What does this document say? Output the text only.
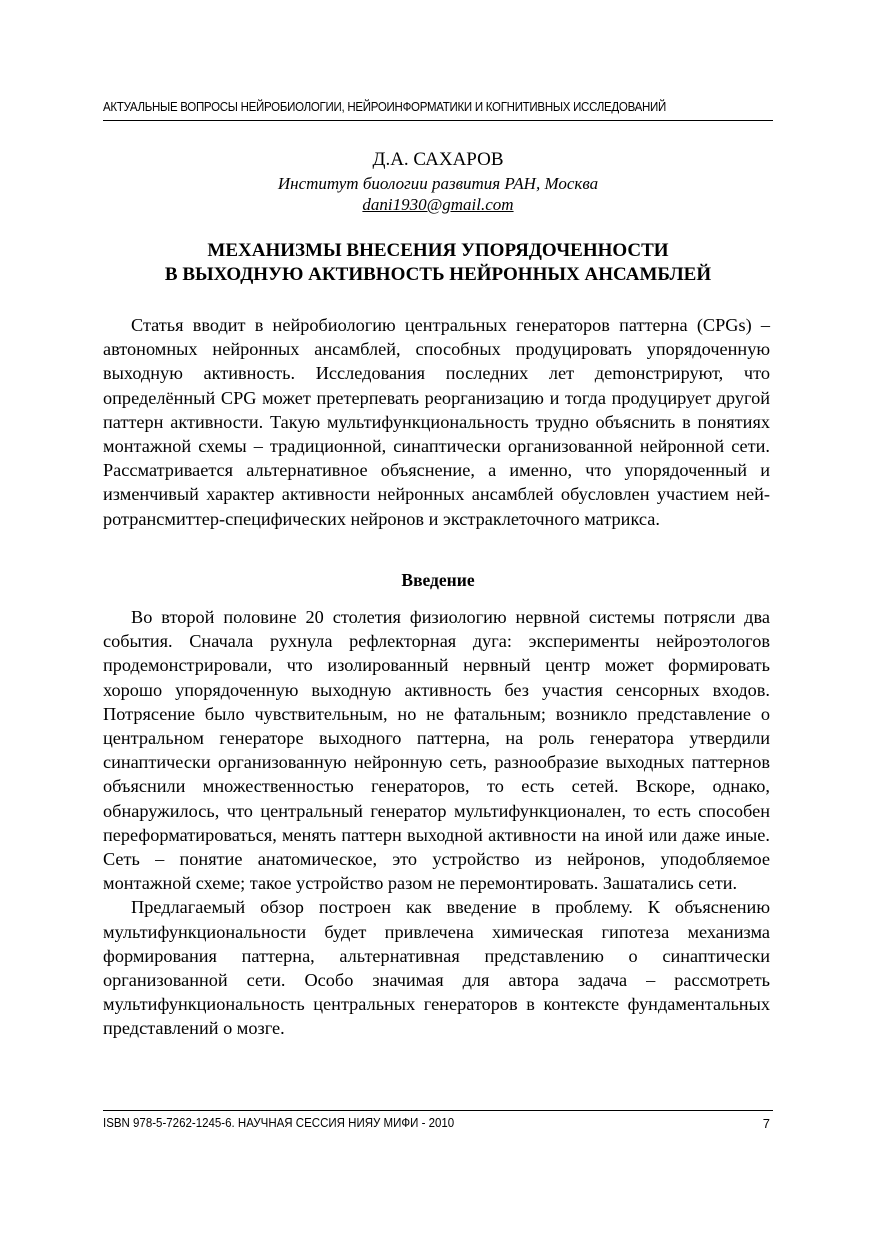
АКТУАЛЬНЫЕ ВОПРОСЫ НЕЙРОБИОЛОГИИ, НЕЙРОИНФОРМАТИКИ И КОГНИТИВНЫХ ИССЛЕДОВАНИЙ
Д.А. САХАРОВ
Институт биологии развития РАН, Москва
dani1930@gmail.com
МЕХАНИЗМЫ ВНЕСЕНИЯ УПОРЯДОЧЕННОСТИ
В ВЫХОДНУЮ АКТИВНОСТЬ НЕЙРОННЫХ АНСАМБЛЕЙ

Статья вводит в нейробиологию центральных генераторов паттерна (CPGs) – автономных нейронных ансамблей, способных продуцировать упорядоченную выходную активность. Исследования последних лет деmонстрируют, что определённый CPG может претерпевать реорганизацию и тогда продуцирует другой паттерн активности. Такую мультифункциональность трудно объяснить в понятиях монтажной схемы – традиционной, синаптически организованной нейронной сети. Рассматривается альтернативное объяснение, а именно, что упорядоченный и изменчивый характер активности нейронных ансамблей обусловлен участием нейротрансмиттер-специфических нейронов и экстраклеточного матрикса.

Введение

Во второй половине 20 столетия физиологию нервной системы потрясли два события. Сначала рухнула рефлекторная дуга: эксперименты нейроэтологов продемонстрировали, что изолированный нервный центр может формировать хорошо упорядоченную выходную активность без участия сенсорных входов. Потрясение было чувствительным, но не фатальным; возникло представление о центральном генераторе выходного паттерна, на роль генератора утвердили синаптически организованную нейронную сеть, разнообразие выходных паттернов объяснили множественностью генераторов, то есть сетей. Вскоре, однако, обнаружилось, что центральный генератор мультифункционален, то есть способен переформатироваться, менять паттерн выходной активности на иной или даже иные. Сеть – понятие анатомическое, это устройство из нейронов, уподобляемое монтажной схеме; такое устройство разом не перемонтировать. Зашатались сети.

Предлагаемый обзор построен как введение в проблему. К объяснению мультифункциональности будет привлечена химическая гипотеза механизма формирования паттерна, альтернативная представлению о синаптически организованной сети. Особо значимая для автора задача – рассмотреть мультифункциональность центральных генераторов в контексте фундаментальных представлений о мозге.

ISBN 978-5-7262-1245-6. НАУЧНАЯ СЕССИЯ НИЯУ МИФИ - 2010	7
